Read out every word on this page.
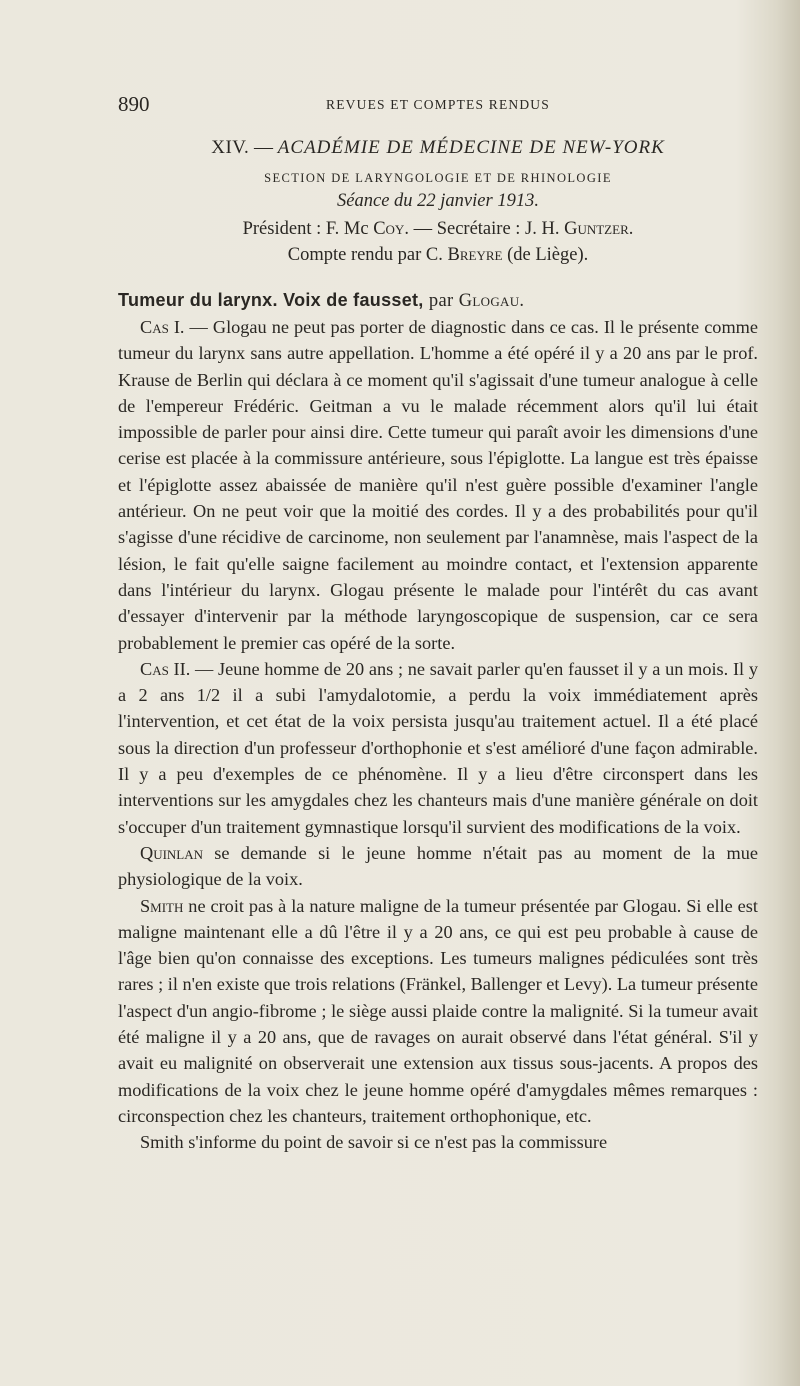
890	REVUES ET COMPTES RENDUS
XIV. — ACADÉMIE DE MÉDECINE DE NEW-YORK
SECTION DE LARYNGOLOGIE ET DE RHINOLOGIE
Séance du 22 janvier 1913.

Président : F. Mc Coy. — Secrétaire : J. H. Guntzer.

Compte rendu par C. Breyre (de Liège).

Tumeur du larynx. Voix de fausset, par Glogau.

Cas I. — Glogau ne peut pas porter de diagnostic dans ce cas. Il le présente comme tumeur du larynx sans autre appellation. L'homme a été opéré il y a 20 ans par le prof. Krause de Berlin qui déclara à ce moment qu'il s'agissait d'une tumeur analogue à celle de l'empereur Frédéric. Geitman a vu le malade récemment alors qu'il lui était impossible de parler pour ainsi dire. Cette tumeur qui paraît avoir les dimensions d'une cerise est placée à la commissure antérieure, sous l'épiglotte. La langue est très épaisse et l'épiglotte assez abaissée de manière qu'il n'est guère possible d'examiner l'angle antérieur. On ne peut voir que la moitié des cordes. Il y a des probabilités pour qu'il s'agisse d'une récidive de carcinome, non seulement par l'anamnèse, mais l'aspect de la lésion, le fait qu'elle saigne facilement au moindre contact, et l'extension apparente dans l'intérieur du larynx. Glogau présente le malade pour l'intérêt du cas avant d'essayer d'intervenir par la méthode laryngoscopique de suspension, car ce sera probablement le premier cas opéré de la sorte.

Cas II. — Jeune homme de 20 ans ; ne savait parler qu'en fausset il y a un mois. Il y a 2 ans 1/2 il a subi l'amydalotomie, a perdu la voix immédiatement après l'intervention, et cet état de la voix persista jusqu'au traitement actuel. Il a été placé sous la direction d'un professeur d'orthophonie et s'est amélioré d'une façon admirable. Il y a peu d'exemples de ce phénomène. Il y a lieu d'être circonspert dans les interventions sur les amygdales chez les chanteurs mais d'une manière générale on doit s'occuper d'un traitement gymnastique lorsqu'il survient des modifications de la voix.

Quinlan se demande si le jeune homme n'était pas au moment de la mue physiologique de la voix.

Smith ne croit pas à la nature maligne de la tumeur présentée par Glogau. Si elle est maligne maintenant elle a dû l'être il y a 20 ans, ce qui est peu probable à cause de l'âge bien qu'on connaisse des exceptions. Les tumeurs malignes pédiculées sont très rares ; il n'en existe que trois relations (Fränkel, Ballenger et Levy). La tumeur présente l'aspect d'un angio-fibrome ; le siège aussi plaide contre la malignité. Si la tumeur avait été maligne il y a 20 ans, que de ravages on aurait observé dans l'état général. S'il y avait eu malignité on observerait une extension aux tissus sous-jacents. A propos des modifications de la voix chez le jeune homme opéré d'amygdales mêmes remarques : circonspection chez les chanteurs, traitement orthophonique, etc.

Smith s'informe du point de savoir si ce n'est pas la commissure
